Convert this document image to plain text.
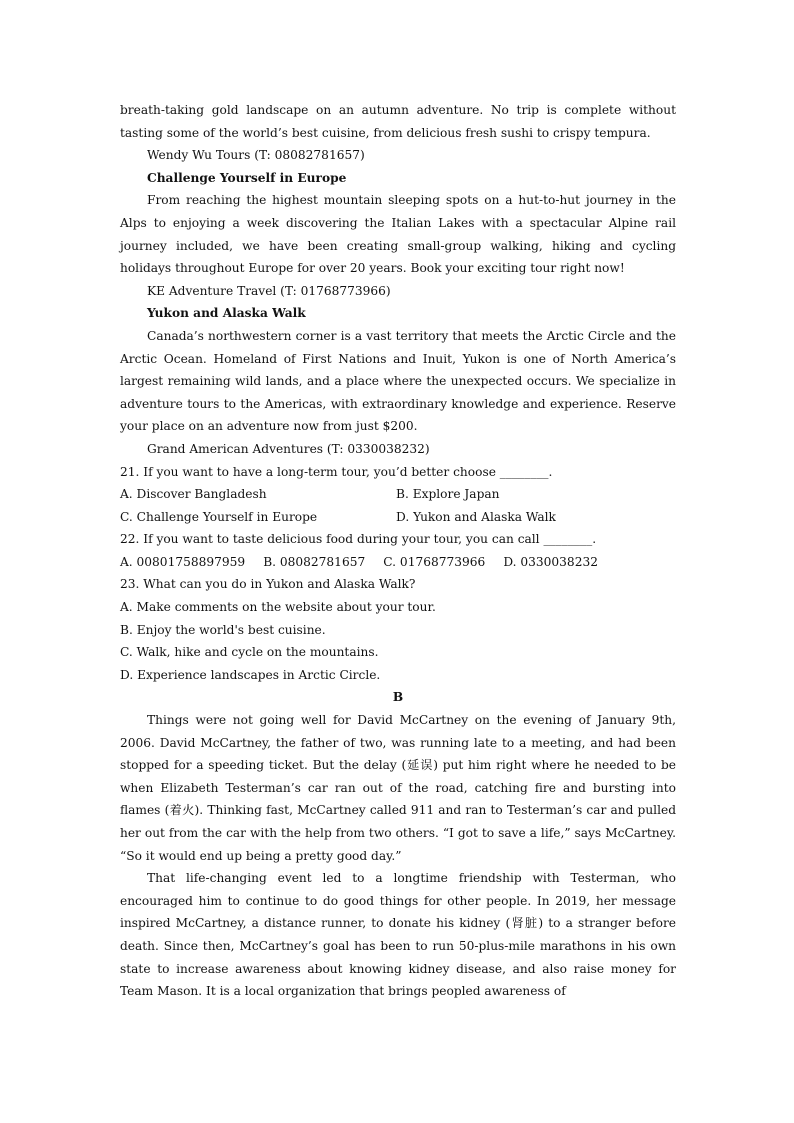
breath-taking gold landscape on an autumn adventure. No trip is complete without tasting some of the world’s best cuisine, from delicious fresh sushi to crispy tempura.

Wendy Wu Tours (T: 08082781657)

Challenge Yourself in Europe

From reaching the highest mountain sleeping spots on a hut-to-hut journey in the Alps to enjoying a week discovering the Italian Lakes with a spectacular Alpine rail journey included, we have been creating small-group walking, hiking and cycling holidays throughout Europe for over 20 years. Book your exciting tour right now!

KE Adventure Travel (T: 01768773966)

Yukon and Alaska Walk

Canada’s northwestern corner is a vast territory that meets the Arctic Circle and the Arctic Ocean. Homeland of First Nations and Inuit, Yukon is one of North America’s largest remaining wild lands, and a place where the unexpected occurs. We specialize in adventure tours to the Americas, with extraordinary knowledge and experience. Reserve your place on an adventure now from just $200.

Grand American Adventures (T: 0330038232)

21. If you want to have a long-term tour, you’d better choose ________.

A. Discover Bangladesh	B. Explore Japan
C. Challenge Yourself in Europe	D. Yukon and Alaska Walk

22. If you want to taste delicious food during your tour, you can call ________.

A. 00801758897959 B. 08082781657 C. 01768773966 D. 0330038232

23. What can you do in Yukon and Alaska Walk?

A. Make comments on the website about your tour.

B. Enjoy the world's best cuisine.

C. Walk, hike and cycle on the mountains.

D. Experience landscapes in Arctic Circle.

B

Things were not going well for David McCartney on the evening of January 9th, 2006. David McCartney, the father of two, was running late to a meeting, and had been stopped for a speeding ticket. But the delay (延误) put him right where he needed to be when Elizabeth Testerman’s car ran out of the road, catching fire and bursting into flames (着火). Thinking fast, McCartney called 911 and ran to Testerman’s car and pulled her out from the car with the help from two others. “I got to save a life,” says McCartney. “So it would end up being a pretty good day.”

That life-changing event led to a longtime friendship with Testerman, who encouraged him to continue to do good things for other people. In 2019, her message inspired McCartney, a distance runner, to donate his kidney (肾脏) to a stranger before death. Since then, McCartney’s goal has been to run 50-plus-mile marathons in his own state to increase awareness about knowing kidney disease, and also raise money for Team Mason. It is a local organization that brings peopled awareness of
